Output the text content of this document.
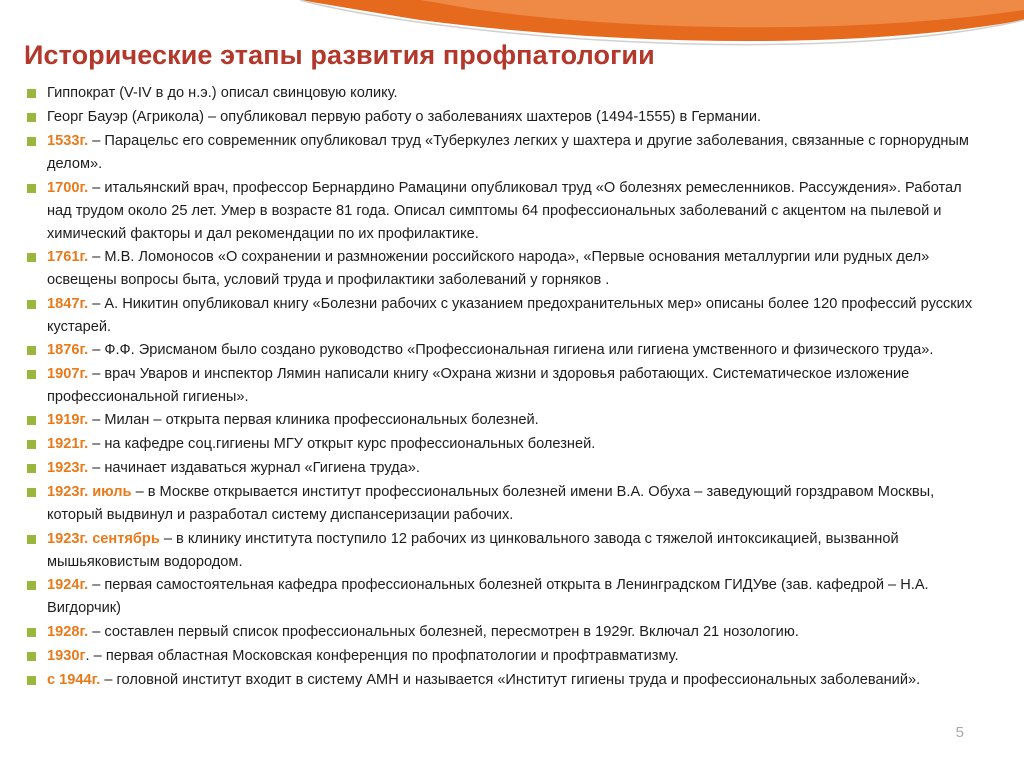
Исторические этапы развития профпатологии
Гиппократ (V-IV в до н.э.) описал свинцовую колику.
Георг Бауэр (Агрикола) – опубликовал первую работу о заболеваниях шахтеров (1494-1555) в Германии.
1533г. – Парацельс его современник опубликовал труд «Туберкулез легких у шахтера и другие заболевания, связанные с горнорудным делом».
1700г. – итальянский врач, профессор Бернардино Рамацини опубликовал труд «О болезнях ремесленников. Рассуждения». Работал над трудом около 25 лет. Умер в возрасте 81 года. Описал симптомы 64 профессиональных заболеваний с акцентом на пылевой и химический факторы и дал рекомендации по их профилактике.
1761г. – М.В. Ломоносов «О сохранении и размножении российского народа», «Первые основания металлургии или рудных дел» освещены вопросы быта, условий труда и профилактики заболеваний у горняков .
1847г. – А. Никитин опубликовал книгу «Болезни рабочих с указанием предохранительных мер» описаны более 120 профессий русских кустарей.
1876г. – Ф.Ф. Эрисманом было создано руководство «Профессиональная гигиена или гигиена умственного и физического труда».
1907г. – врач Уваров и инспектор Лямин написали книгу «Охрана жизни и здоровья работающих. Систематическое изложение профессиональной гигиены».
1919г. – Милан – открыта первая клиника профессиональных болезней.
1921г. – на кафедре соц.гигиены МГУ открыт курс профессиональных болезней.
1923г. – начинает издаваться журнал «Гигиена труда».
1923г. июль – в Москве открывается институт профессиональных болезней имени В.А. Обуха – заведующий горздравом Москвы, который выдвинул и разработал систему диспансеризации рабочих.
1923г. сентябрь – в клинику института поступило 12 рабочих из цинковального завода с тяжелой интоксикацией, вызванной мышьяковистым водородом.
1924г. – первая самостоятельная кафедра профессиональных болезней открыта в Ленинградском ГИДУве (зав. кафедрой – Н.А. Вигдорчик)
1928г. – составлен первый список профессиональных болезней, пересмотрен в 1929г. Включал 21 нозологию.
1930г. – первая областная Московская конференция по профпатологии и профтравматизму.
с 1944г. – головной институт входит в систему АМН и называется «Институт гигиены труда и профессиональных заболеваний».
5
